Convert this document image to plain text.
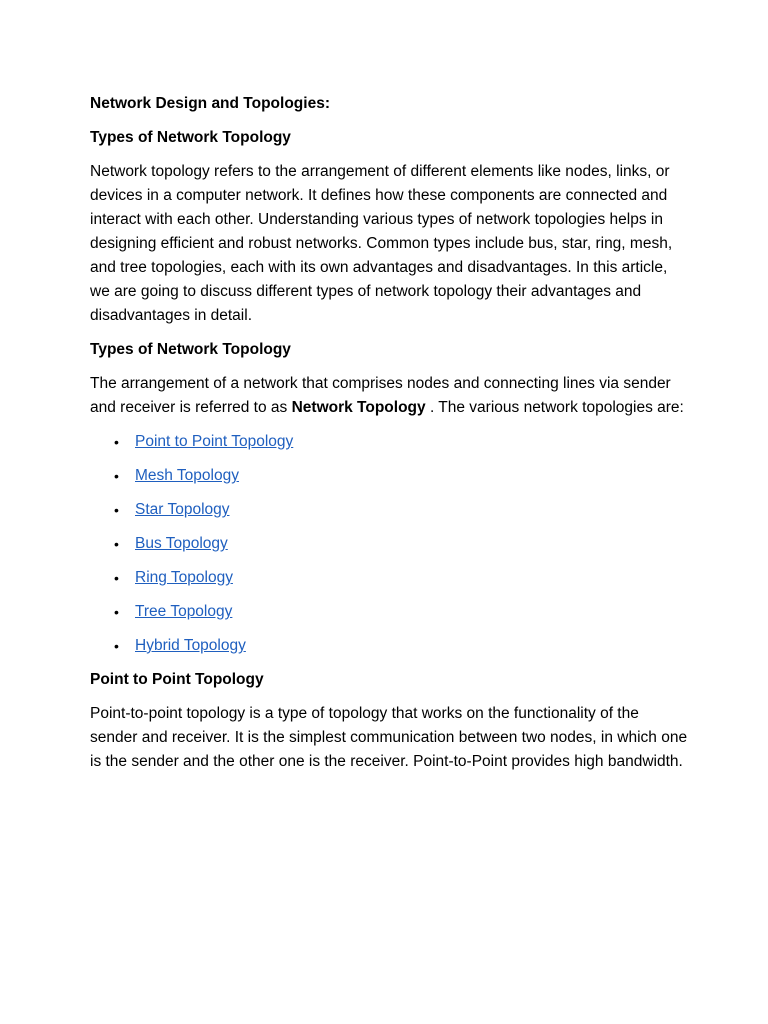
Network Design and Topologies:

Types of Network Topology

Network topology refers to the arrangement of different elements like nodes, links, or devices in a computer network. It defines how these components are connected and interact with each other. Understanding various types of network topologies helps in designing efficient and robust networks. Common types include bus, star, ring, mesh, and tree topologies, each with its own advantages and disadvantages. In this article, we are going to discuss different types of network topology their advantages and disadvantages in detail.

Types of Network Topology

The arrangement of a network that comprises nodes and connecting lines via sender and receiver is referred to as Network Topology . The various network topologies are:

• Point to Point Topology
• Mesh Topology
• Star Topology
• Bus Topology
• Ring Topology
• Tree Topology
• Hybrid Topology

Point to Point Topology

Point-to-point topology is a type of topology that works on the functionality of the sender and receiver. It is the simplest communication between two nodes, in which one is the sender and the other one is the receiver. Point-to-Point provides high bandwidth.
